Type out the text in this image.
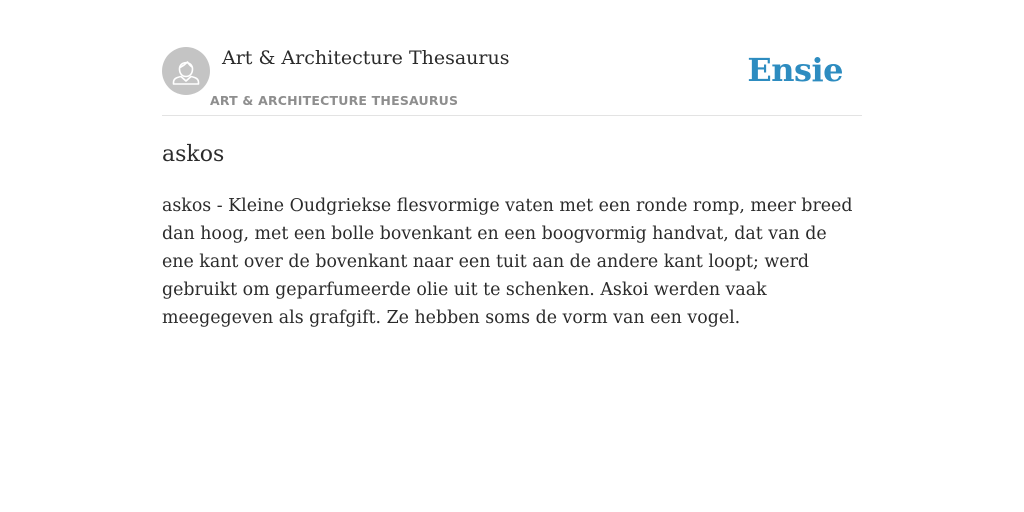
Art & Architecture Thesaurus
ART & ARCHITECTURE THESAURUS
Ensie
askos

askos - Kleine Oudgriekse flesvormige vaten met een ronde romp, meer breed dan hoog, met een bolle bovenkant en een boogvormig handvat, dat van de ene kant over de bovenkant naar een tuit aan de andere kant loopt; werd gebruikt om geparfumeerde olie uit te schenken. Askoi werden vaak meegegeven als grafgift. Ze hebben soms de vorm van een vogel.
